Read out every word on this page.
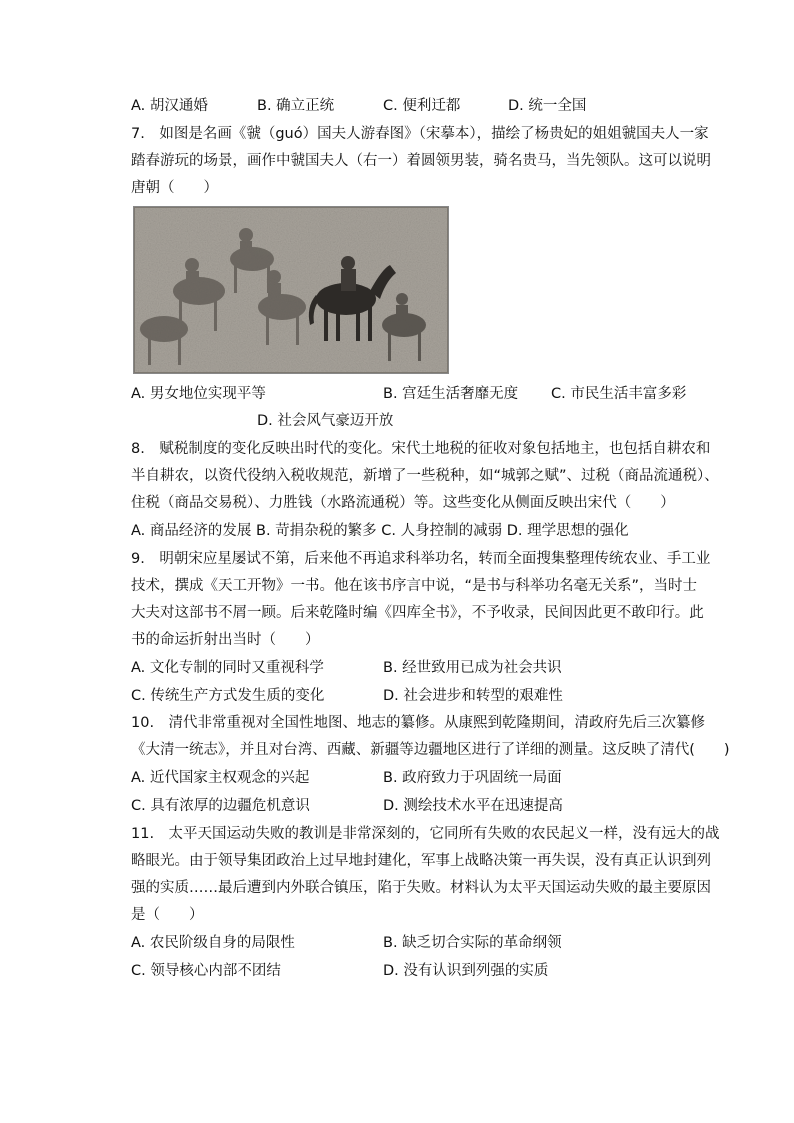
A. 胡汉通婚	B. 确立正统	C. 便利迁都	D. 统一全国
7.　如图是名画《虢（guó）国夫人游春图》（宋摹本），描绘了杨贵妃的姐姐虢国夫人一家
踏春游玩的场景，画作中虢国夫人（右一）着圆领男装，骑名贵马，当先领队。这可以说明
唐朝（　　）
A. 男女地位实现平等	B. 宫廷生活奢靡无度 C. 市民生活丰富多彩
D. 社会风气豪迈开放
8.　赋税制度的变化反映出时代的变化。宋代土地税的征收对象包括地主，也包括自耕农和
半自耕农，以资代役纳入税收规范，新增了一些税种，如“城郭之赋”、过税（商品流通税）、
住税（商品交易税）、力胜钱（水路流通税）等。这些变化从侧面反映出宋代（　　）
A. 商品经济的发展 B. 苛捐杂税的繁多 C. 人身控制的减弱 D. 理学思想的强化
9.　明朝宋应星屡试不第，后来他不再追求科举功名，转而全面搜集整理传统农业、手工业
技术，撰成《天工开物》一书。他在该书序言中说，“是书与科举功名毫无关系”，当时士
大夫对这部书不屑一顾。后来乾隆时编《四库全书》，不予收录，民间因此更不敢印行。此
书的命运折射出当时（　　）
A. 文化专制的同时又重视科学	B. 经世致用已成为社会共识
C. 传统生产方式发生质的变化	D. 社会进步和转型的艰难性
10.　清代非常重视对全国性地图、地志的纂修。从康熙到乾隆期间，清政府先后三次纂修
《大清一统志》，并且对台湾、西藏、新疆等边疆地区进行了详细的测量。这反映了清代(　　)
A. 近代国家主权观念的兴起	B. 政府致力于巩固统一局面
C. 具有浓厚的边疆危机意识	D. 测绘技术水平在迅速提高
11.　太平天国运动失败的教训是非常深刻的，它同所有失败的农民起义一样，没有远大的战
略眼光。由于领导集团政治上过早地封建化，军事上战略决策一再失误，没有真正认识到列
强的实质……最后遭到内外联合镇压，陷于失败。材料认为太平天国运动失败的最主要原因
是（　　）
A. 农民阶级自身的局限性	B. 缺乏切合实际的革命纲领
C. 领导核心内部不团结	D. 没有认识到列强的实质
